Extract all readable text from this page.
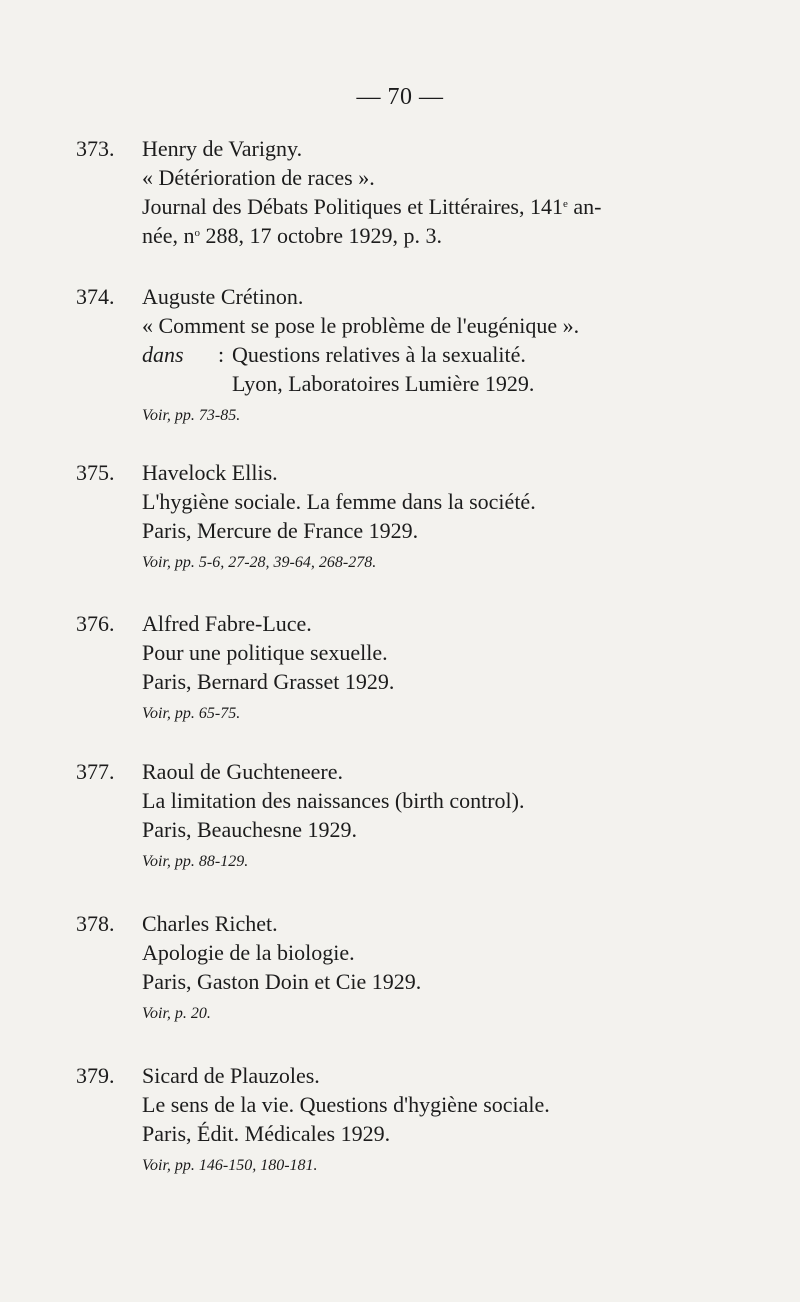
— 70 —
373. Henry de Varigny.
« Détérioration de races ».
Journal des Débats Politiques et Littéraires, 141e an-
née, $n^o$ 288, 17 octobre 1929, p. 3.
374. Auguste Crétinon.
« Comment se pose le problème de l'eugénique ».
dans : Questions relatives à la sexualité.
Lyon, Laboratoires Lumière 1929.
Voir, pp. 73-85.
375. Havelock Ellis.
L'hygiène sociale. La femme dans la société.
Paris, Mercure de France 1929.
Voir, pp. 5-6, 27-28, 39-64, 268-278.
376. Alfred Fabre-Luce.
Pour une politique sexuelle.
Paris, Bernard Grasset 1929.
Voir, pp. 65-75.
377. Raoul de Guchteneere.
La limitation des naissances (birth control).
Paris, Beauchesne 1929.
Voir, pp. 88-129.
378. Charles Richet.
Apologie de la biologie.
Paris, Gaston Doin et Cie 1929.
Voir, p. 20.
379. Sicard de Plauzoles.
Le sens de la vie. Questions d'hygiène sociale.
Paris, Édit. Médicales 1929.
Voir, pp. 146-150, 180-181.
